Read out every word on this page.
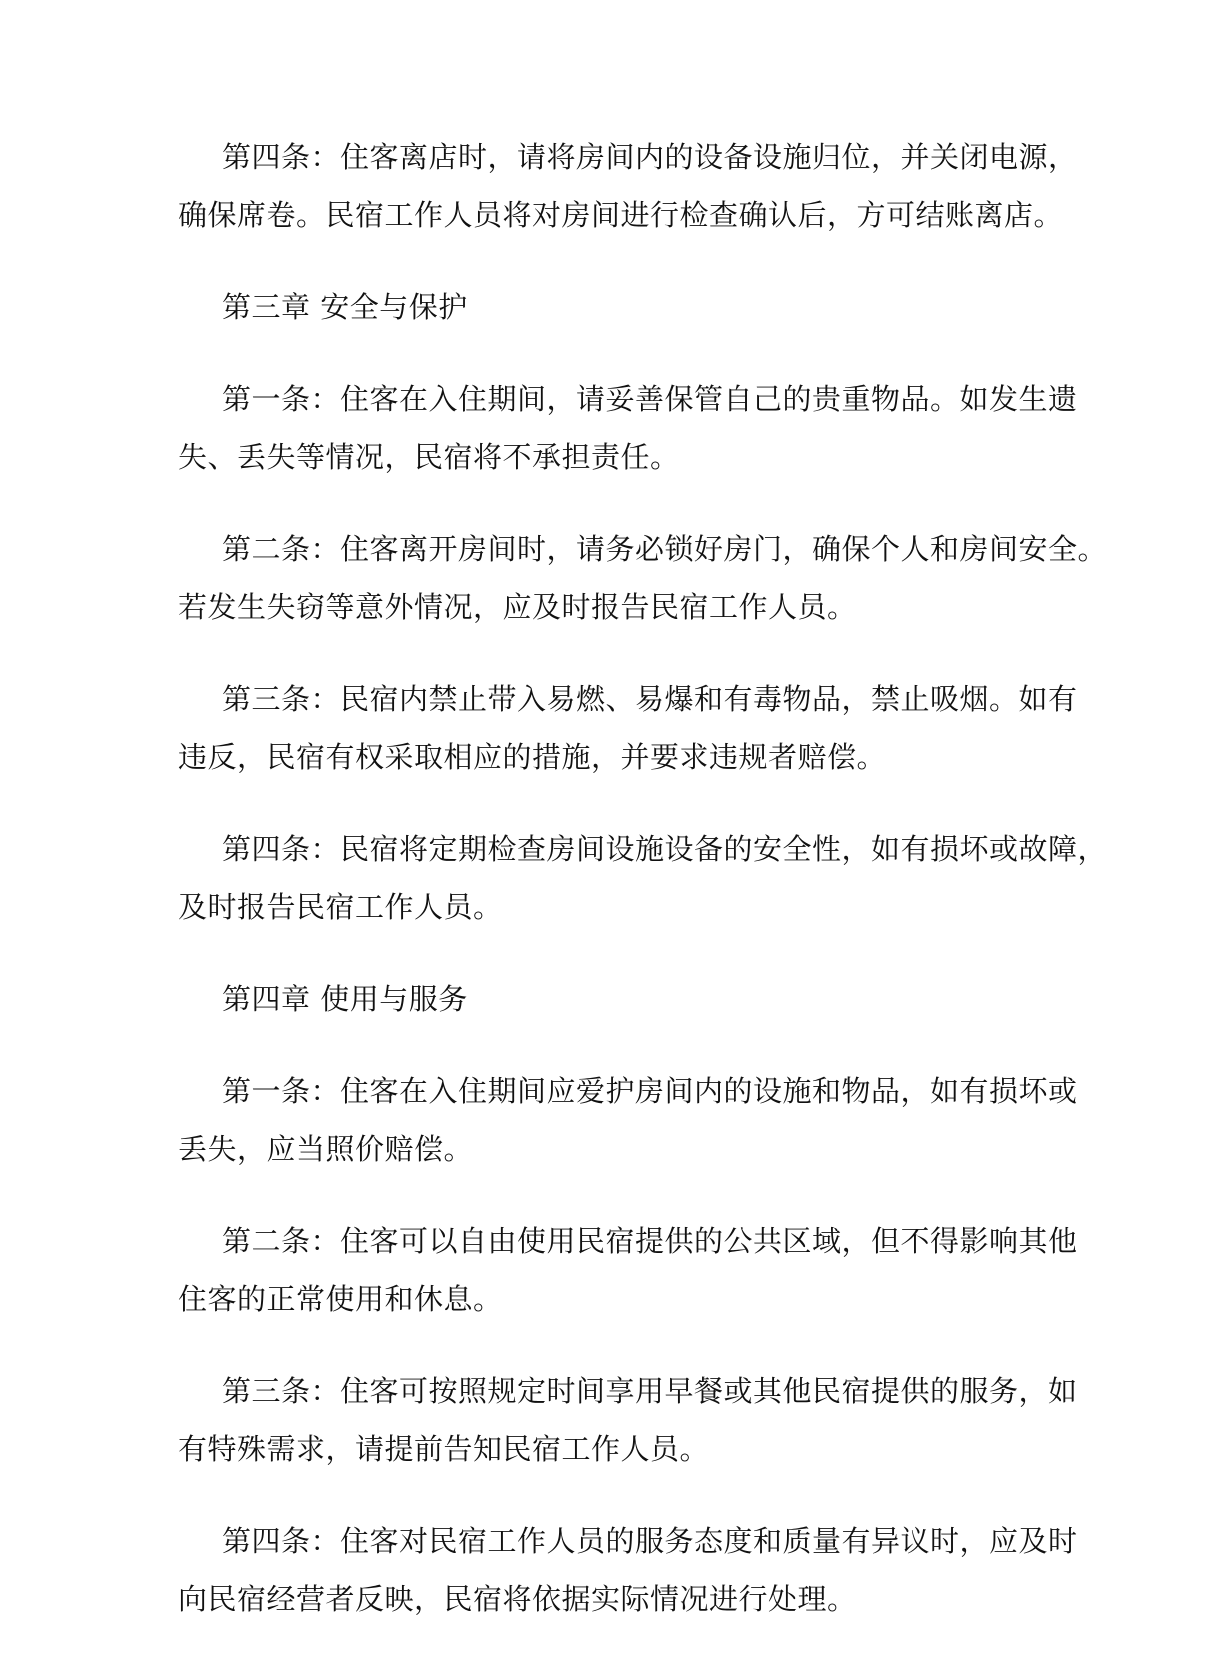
第四条：住客离店时，请将房间内的设备设施归位，并关闭电源，
确保席卷。民宿工作人员将对房间进行检查确认后，方可结账离店。
第三章 安全与保护
第一条：住客在入住期间，请妥善保管自己的贵重物品。如发生遗
失、丢失等情况，民宿将不承担责任。
第二条：住客离开房间时，请务必锁好房门，确保个人和房间安全。
若发生失窃等意外情况，应及时报告民宿工作人员。
第三条：民宿内禁止带入易燃、易爆和有毒物品，禁止吸烟。如有
违反，民宿有权采取相应的措施，并要求违规者赔偿。
第四条：民宿将定期检查房间设施设备的安全性，如有损坏或故障，
及时报告民宿工作人员。
第四章 使用与服务
第一条：住客在入住期间应爱护房间内的设施和物品，如有损坏或
丢失，应当照价赔偿。
第二条：住客可以自由使用民宿提供的公共区域，但不得影响其他
住客的正常使用和休息。
第三条：住客可按照规定时间享用早餐或其他民宿提供的服务，如
有特殊需求，请提前告知民宿工作人员。
第四条：住客对民宿工作人员的服务态度和质量有异议时，应及时
向民宿经营者反映，民宿将依据实际情况进行处理。
